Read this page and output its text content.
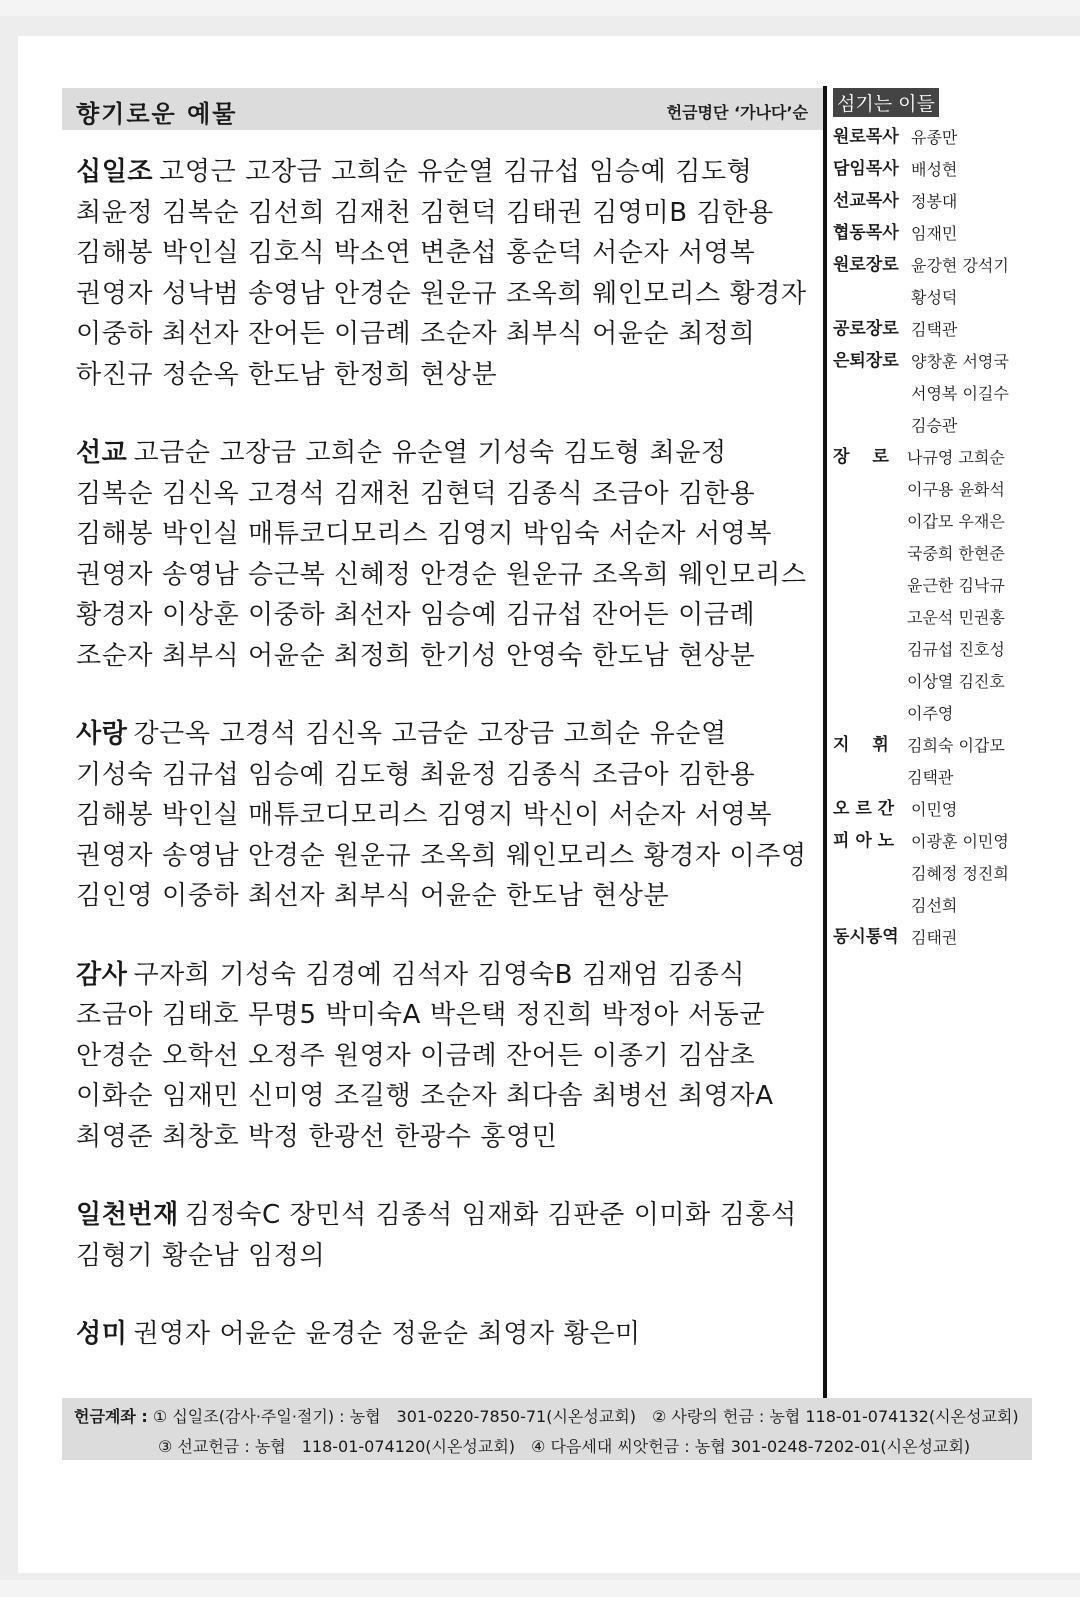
향기로운 예물	헌금명단 ‘가나다’순

십일조 고영근 고장금 고희순 유순열 김규섭 임승예 김도형

최윤정 김복순 김선희 김재천 김현덕 김태권 김영미B 김한용

김해봉 박인실 김호식 박소연 변춘섭 홍순덕 서순자 서영복

권영자 성낙범 송영남 안경순 원운규 조옥희 웨인모리스 황경자

이중하 최선자 잔어든 이금례 조순자 최부식 어윤순 최정희

하진규 정순옥 한도남 한정희 현상분

선교 고금순 고장금 고희순 유순열 기성숙 김도형 최윤정

김복순 김신옥 고경석 김재천 김현덕 김종식 조금아 김한용

김해봉 박인실 매튜코디모리스 김영지 박임숙 서순자 서영복

권영자 송영남 승근복 신혜정 안경순 원운규 조옥희 웨인모리스

황경자 이상훈 이중하 최선자 임승예 김규섭 잔어든 이금례

조순자 최부식 어윤순 최정희 한기성 안영숙 한도남 현상분

사랑 강근옥 고경석 김신옥 고금순 고장금 고희순 유순열

기성숙 김규섭 임승예 김도형 최윤정 김종식 조금아 김한용

김해봉 박인실 매튜코디모리스 김영지 박신이 서순자 서영복

권영자 송영남 안경순 원운규 조옥희 웨인모리스 황경자 이주영

김인영 이중하 최선자 최부식 어윤순 한도남 현상분

감사 구자희 기성숙 김경예 김석자 김영숙B 김재엄 김종식

조금아 김태호 무명5 박미숙A 박은택 정진희 박정아 서동균

안경순 오학선 오정주 원영자 이금례 잔어든 이종기 김삼초

이화순 임재민 신미영 조길행 조순자 최다솜 최병선 최영자A

최영준 최창호 박정 한광선 한광수 홍영민

일천번재 김정숙C 장민석 김종석 임재화 김판준 이미화 김홍석

김형기 황순남 임정의

성미 권영자 어윤순 윤경순 정윤순 최영자 황은미

섬기는 이들
원로목사 유종만
담임목사 배성현
선교목사 정봉대
협동목사 임재민
원로장로 윤강현 강석기 황성덕
공로장로 김택관
은퇴장로 양창훈 서영국 서영복 이길수 김승관
장　 로	나규영 고희순 이구용 윤화석 이갑모 우재은 국중희 한현준 윤근한 김낙규 고운석 민권홍 김규섭 진호성 이상열 김진호 이주영
지　 휘	김희숙 이갑모 김택관
오 르 간	이민영
피 아 노	이광훈 이민영 김혜정 정진희 김선희
동시통역 김태권
헌금계좌 : ① 십일조(감사·주일·절기) : 농협　301-0220-7850-71(시온성교회)　② 사랑의 헌금 : 농협 118-01-074132(시온성교회)
③ 선교헌금 : 농협　118-01-074120(시온성교회)　④ 다음세대 씨앗헌금 : 농협 301-0248-7202-01(시온성교회)
